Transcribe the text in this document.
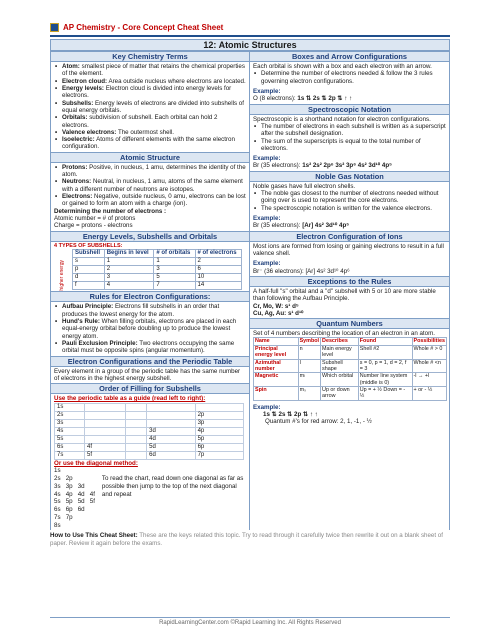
AP Chemistry - Core Concept Cheat Sheet
12: Atomic Structures
Key Chemistry Terms
• Atom: smallest piece of matter that retains the chemical properties of the element.
• Electron cloud: Area outside nucleus where electrons are located.
• Energy levels: Electron cloud is divided into energy levels for electrons.
• Subshells: Energy levels of electrons are divided into subshells of equal energy orbitals.
• Orbitals: subdivision of subshell. Each orbital can hold 2 electrons.
• Valence electrons: The outermost shell.
• Isoelectric: Atoms of different elements with the same electron configuration.
Atomic Structure
• Protons: Positive, in nucleus, 1 amu, determines the identity of the atom.
• Neutrons: Neutral, in nucleus, 1 amu, atoms of the same element with a different number of neutrons are isotopes.
• Electrons: Negative, outside nucleus, 0 amu, electrons can be lost or gained to form an atom with a charge (ion).
Determining the number of electrons :
Atomic number = # of protons
Charge = protons - electrons
Energy Levels, Subshells and Orbitals
4 TYPES OF SUBSHELLS:
higher energy
Subshell	Begins in level	# of orbitals	# of electrons
s	1	1	2
p	2	3	6
d	3	5	10
f	4	7	14
Rules for Electron Configurations:
• Aufbau Principle: Electrons fill subshells in an order that produces the lowest energy for the atom.
• Hund's Rule: When filling orbitals, electrons are placed in each equal-energy orbital before doubling up to produce the lowest energy atom.
• Pauli Exclusion Principle: Two electrons occupying the same orbital must be opposite spins (angular momentum).
Electron Configurations and the Periodic Table
Every element in a group of the periodic table has the same number of electrons in the highest energy subshell.
Order of Filling for Subshells
Use the periodic table as a guide (read left to right):
1s				
2s				2p
3s				3p
4s			3d	4p
5s			4d	5p
6s	4f		5d	6p
7s	5f		6d	7p
Or use the diagonal method:
1s
2s   2p
3s   3p   3d
4s   4p   4d   4f
5s   5p   5d   5f
6s   6p   6d
7s   7p
8s
To read the chart, read down one diagonal as far as possible then jump to the top of the next diagonal and repeat
Boxes and Arrow Configurations
Each orbital is shown with a box and each electron with an arrow.
• Determine the number of electrons needed & follow the 3 rules governing electron configurations.
Example:
O (8 electrons): 1s ⇅ 2s ⇅ 2p ⇅ ↑ ↑
Spectroscopic Notation
Spectroscopic is a shorthand notation for electron configurations.
• The number of electrons in each subshell is written as a superscript after the subshell designation.
• The sum of the superscripts is equal to the total number of electrons.
Example:
Br (35 electrons): 1s² 2s² 2p⁶ 3s² 3p⁶ 4s² 3d¹⁰ 4p⁵
Noble Gas Notation
Noble gases have full electron shells.
• The noble gas closest to the number of electrons needed without going over is used to represent the core electrons.
• The spectroscopic notation is written for the valence electrons.
Example:
Br (35 electrons): [Ar] 4s² 3d¹⁰ 4p⁵
Electron Configuration of Ions
Most ions are formed from losing or gaining electrons to result in a full valence shell.
Example:
Br⁻ (36 electrons): [Ar] 4s² 3d¹⁰ 4p⁶
Exceptions to the Rules
A half-full "s" orbital and a "d" subshell with 5 or 10 are more stable than following the Aufbau Principle.
Cr, Mo, W: s¹ d⁵
Cu, Ag, Au: s¹ d¹⁰
Quantum Numbers
Set of 4 numbers describing the location of an electron in an atom.
Name	Symbol	Describes	Found	Possibilities
Principal energy level	n	Main energy level	Shell #2	Whole # > 0
Azimuthal number	l	Subshell shape	s = 0, p = 1, d = 2, f = 3	Whole # <n
Magnetic	mₗ	Which orbital	Number line system (middle is 0)	-l → +l
Spin	mₛ	Up or down arrow	Up = + ½ Down = - ½	+ or - ½
Example:
1s ⇅ 2s ⇅ 2p ⇅ ↑ ↑
Quantum #'s for red arrow: 2, 1, -1, - ½
How to Use This Cheat Sheet: These are the keys related this topic. Try to read through it carefully twice then rewrite it out on a blank sheet of paper. Review it again before the exams.
RapidLearningCenter.com ©Rapid Learning Inc. All Rights Reserved
